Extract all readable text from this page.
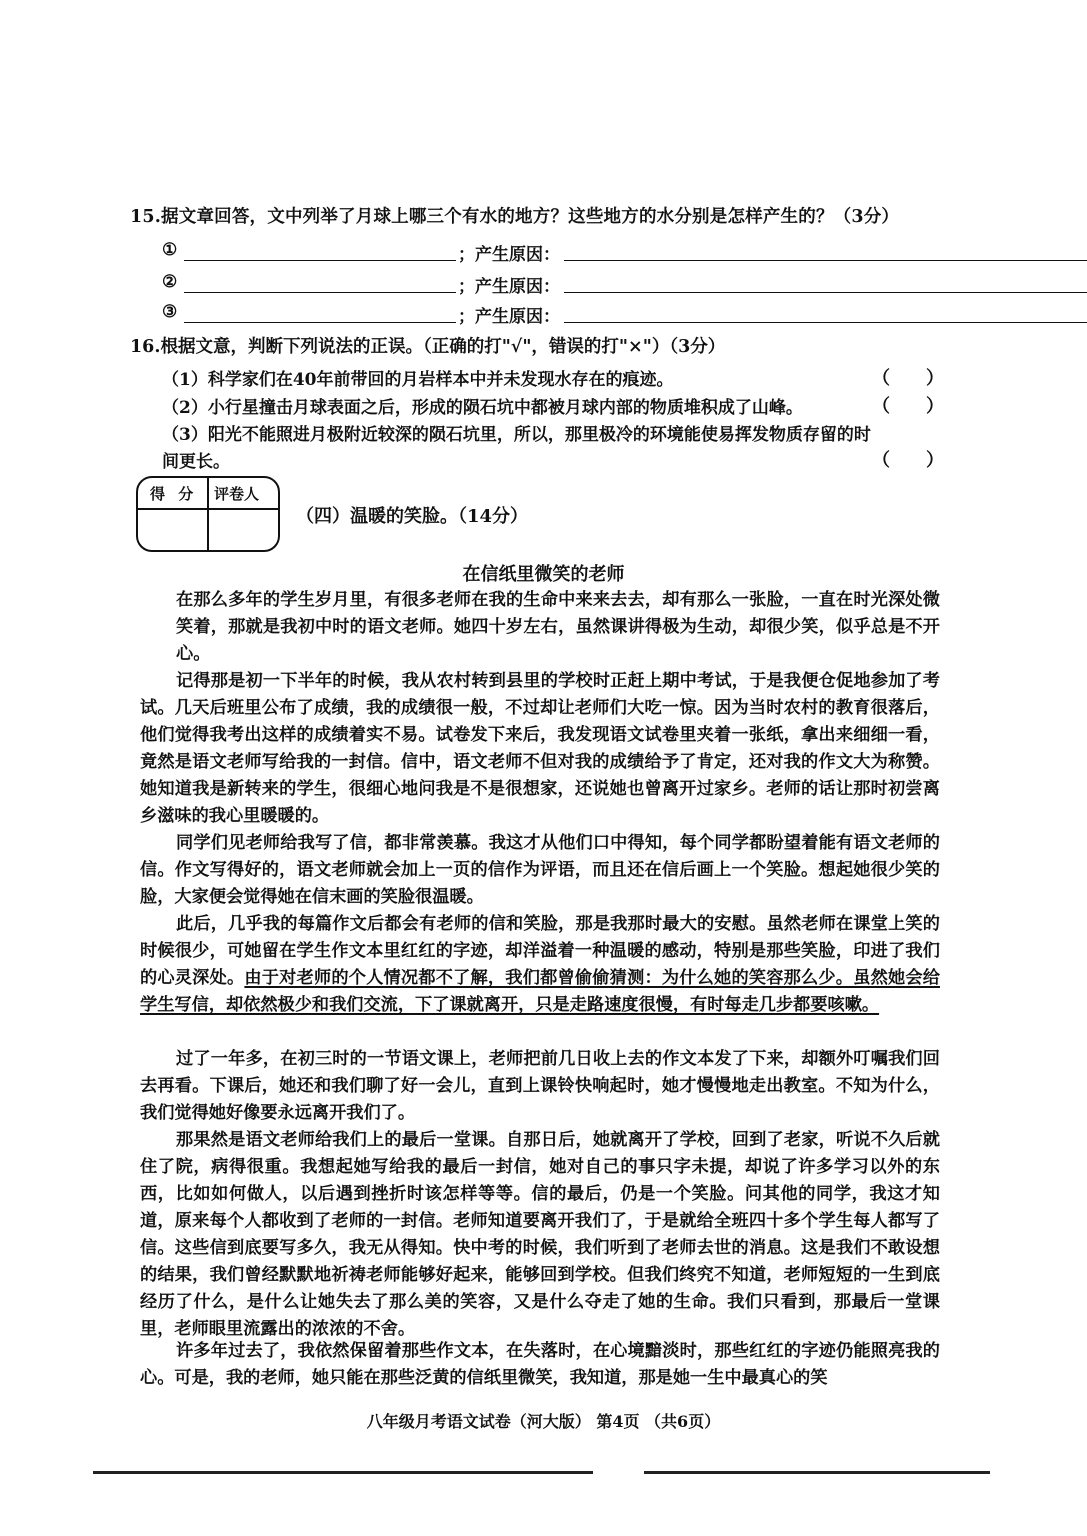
15.据文章回答，文中列举了月球上哪三个有水的地方？这些地方的水分别是怎样产生的？（3分）
①	；产生原因：
②	；产生原因：
③	；产生原因：
16.根据文意，判断下列说法的正误。（正确的打"√"，错误的打"×"）（3分）
（1）科学家们在40年前带回的月岩样本中并未发现水存在的痕迹。	（　　）
（2）小行星撞击月球表面之后，形成的陨石坑中都被月球内部的物质堆积成了山峰。	（　　）
（3）阳光不能照进月极附近较深的陨石坑里，所以，那里极冷的环境能使易挥发物质存留的时
间更长。	（　　）
得 分 评卷人
（四）温暖的笑脸。（14分）
在信纸里微笑的老师

在那么多年的学生岁月里，有很多老师在我的生命中来来去去，却有那么一张脸，一直在时光深处微笑着，那就是我初中时的语文老师。她四十岁左右，虽然课讲得极为生动，却很少笑，似乎总是不开心。

记得那是初一下半年的时候，我从农村转到县里的学校时正赶上期中考试，于是我便仓促地参加了考试。几天后班里公布了成绩，我的成绩很一般，不过却让老师们大吃一惊。因为当时农村的教育很落后，他们觉得我考出这样的成绩着实不易。试卷发下来后，我发现语文试卷里夹着一张纸，拿出来细细一看，竟然是语文老师写给我的一封信。信中，语文老师不但对我的成绩给予了肯定，还对我的作文大为称赞。她知道我是新转来的学生，很细心地问我是不是很想家，还说她也曾离开过家乡。老师的话让那时初尝离乡滋味的我心里暖暖的。

同学们见老师给我写了信，都非常羡慕。我这才从他们口中得知，每个同学都盼望着能有语文老师的信。作文写得好的，语文老师就会加上一页的信作为评语，而且还在信后画上一个笑脸。想起她很少笑的脸，大家便会觉得她在信末画的笑脸很温暖。

此后，几乎我的每篇作文后都会有老师的信和笑脸，那是我那时最大的安慰。虽然老师在课堂上笑的时候很少，可她留在学生作文本里红红的字迹，却洋溢着一种温暖的感动，特别是那些笑脸，印进了我们的心灵深处。由于对老师的个人情况都不了解，我们都曾偷偷猜测：为什么她的笑容那么少。虽然她会给学生写信，却依然极少和我们交流，下了课就离开，只是走路速度很慢，有时每走几步都要咳嗽。

过了一年多，在初三时的一节语文课上，老师把前几日收上去的作文本发了下来，却额外叮嘱我们回去再看。下课后，她还和我们聊了好一会儿，直到上课铃快响起时，她才慢慢地走出教室。不知为什么，我们觉得她好像要永远离开我们了。

那果然是语文老师给我们上的最后一堂课。自那日后，她就离开了学校，回到了老家，听说不久后就住了院，病得很重。我想起她写给我的最后一封信，她对自己的事只字未提，却说了许多学习以外的东西，比如如何做人，以后遇到挫折时该怎样等等。信的最后，仍是一个笑脸。问其他的同学，我这才知道，原来每个人都收到了老师的一封信。老师知道要离开我们了，于是就给全班四十多个学生每人都写了信。这些信到底要写多久，我无从得知。快中考的时候，我们听到了老师去世的消息。这是我们不敢设想的结果，我们曾经默默地祈祷老师能够好起来，能够回到学校。但我们终究不知道，老师短短的一生到底经历了什么，是什么让她失去了那么美的笑容，又是什么夺走了她的生命。我们只看到，那最后一堂课里，老师眼里流露出的浓浓的不舍。

许多年过去了，我依然保留着那些作文本，在失落时，在心境黯淡时，那些红红的字迹仍能照亮我的心。可是，我的老师，她只能在那些泛黄的信纸里微笑，我知道，那是她一生中最真心的笑

八年级月考语文试卷（河大版） 第4页 （共6页）
